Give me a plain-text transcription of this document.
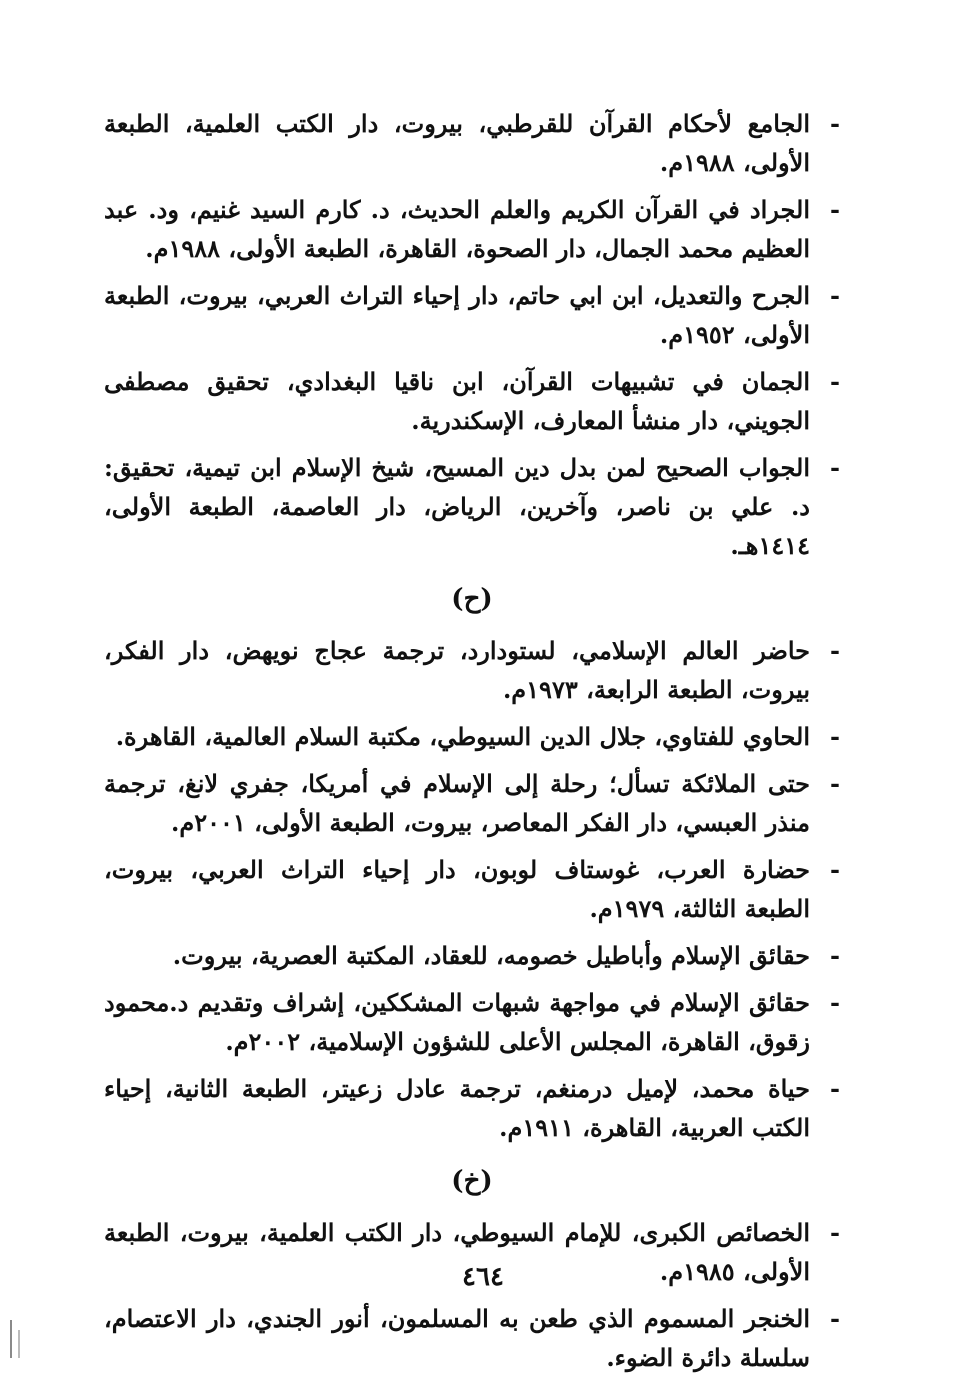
-
الجامع لأحكام القرآن للقرطبي، بيروت، دار الكتب العلمية، الطبعة الأولى، ١٩٨٨م.
-
الجراد في القرآن الكريم والعلم الحديث، د. كارم السيد غنيم، ود. عبد العظيم محمد الجمال، دار الصحوة، القاهرة، الطبعة الأولى، ١٩٨٨م.
-
الجرح والتعديل، ابن ابي حاتم، دار إحياء التراث العربي، بيروت، الطبعة الأولى، ١٩٥٢م.
-
الجمان في تشبيهات القرآن، ابن ناقيا البغدادي، تحقيق مصطفى الجويني، دار منشأ المعارف، الإسكندرية.
-
الجواب الصحيح لمن بدل دين المسيح، شيخ الإسلام ابن تيمية، تحقيق: د. علي بن ناصر، وآخرين، الرياض، دار العاصمة، الطبعة الأولى، ١٤١٤هـ.
(ح)
-
حاضر العالم الإسلامي، لستودارد، ترجمة عجاج نويهض، دار الفكر، بيروت، الطبعة الرابعة، ١٩٧٣م.
-
الحاوي للفتاوي، جلال الدين السيوطي، مكتبة السلام العالمية، القاهرة.
-
حتى الملائكة تسأل؛ رحلة إلى الإسلام في أمريكا، جفري لانغ، ترجمة منذر العبسي، دار الفكر المعاصر، بيروت، الطبعة الأولى، ٢٠٠١م.
-
حضارة العرب، غوستاف لوبون، دار إحياء التراث العربي، بيروت، الطبعة الثالثة، ١٩٧٩م.
-
حقائق الإسلام وأباطيل خصومه، للعقاد، المكتبة العصرية، بيروت.
-
حقائق الإسلام في مواجهة شبهات المشككين، إشراف وتقديم د.محمود زقوق، القاهرة، المجلس الأعلى للشؤون الإسلامية، ٢٠٠٢م.
-
حياة محمد، لإميل درمنغم، ترجمة عادل زعيتر، الطبعة الثانية، إحياء الكتب العربية، القاهرة، ١٩١١م.
(خ)
-
الخصائص الكبرى، للإمام السيوطي، دار الكتب العلمية، بيروت، الطبعة الأولى، ١٩٨٥م.
-
الخنجر المسموم الذي طعن به المسلمون، أنور الجندي، دار الاعتصام، سلسلة دائرة الضوء.
٤٦٤
